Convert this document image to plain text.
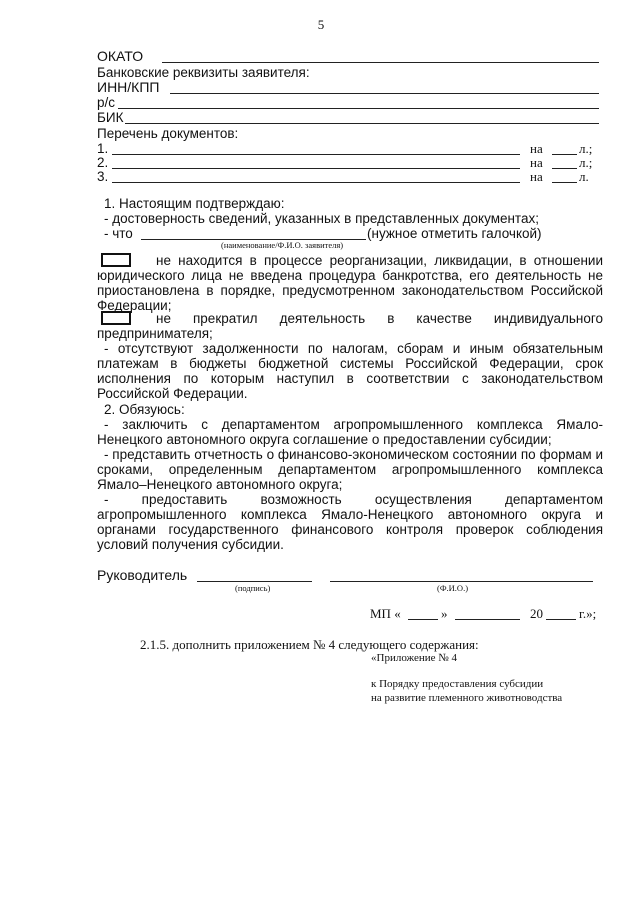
5
ОКАТО
Банковские реквизиты заявителя:
ИНН/КПП
р/с
БИК
Перечень документов:
1.	на	л.;
2.	на	л.;
3.	на	л.
1. Настоящим подтверждаю:
- достоверность сведений, указанных в представленных документах;
- что	(нужное отметить галочкой)
(наименование/Ф.И.О. заявителя)
не находится в процессе реорганизации, ликвидации, в отношении
юридического лица не введена процедура банкротства, его деятельность не
приостановлена в порядке, предусмотренном законодательством Российской
Федерации;
не прекратил деятельность в качестве индивидуального
предпринимателя;
- отсутствуют задолженности по налогам, сборам и иным обязательным
платежам в бюджеты бюджетной системы Российской Федерации, срок
исполнения по которым наступил в соответствии с законодательством
Российской Федерации.
2. Обязуюсь:
- заключить с департаментом агропромышленного комплекса Ямало-
Ненецкого автономного округа соглашение о предоставлении субсидии;
- представить отчетность о финансово-экономическом состоянии по формам и
сроками, определенным департаментом агропромышленного комплекса
Ямало–Ненецкого автономного округа;
- предоставить возможность осуществления департаментом
агропромышленного комплекса Ямало-Ненецкого автономного округа и
органами государственного финансового контроля проверок соблюдения
условий получения субсидии.
Руководитель
(подпись)	(Ф.И.О.)
МП «	»	20	г.»;
2.1.5. дополнить приложением № 4 следующего содержания:
«Приложение № 4
к Порядку предоставления субсидии
на развитие племенного животноводства
